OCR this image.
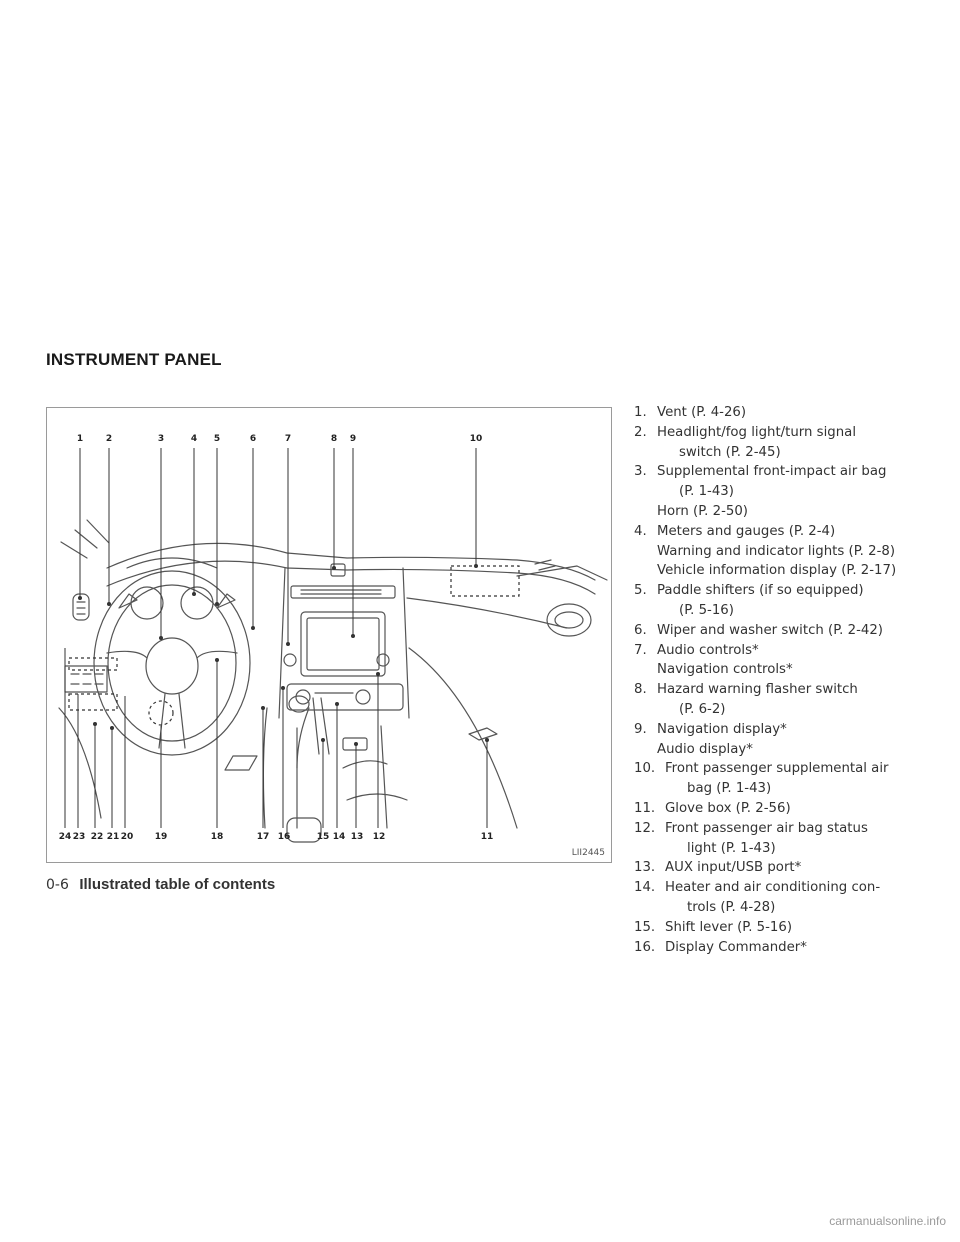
INSTRUMENT PANEL
1	2	3	4 5	6	7	8 9	10
24 23 22 21 20 19	18	17 16	15 14 13 12	11
LII2445
1. Vent (P. 4-26)
2. Headlight/fog light/turn signal
switch (P. 2-45)
3. Supplemental front-impact air bag
(P. 1-43)
Horn (P. 2-50)
4. Meters and gauges (P. 2-4)
Warning and indicator lights (P. 2-8)
Vehicle information display (P. 2-17)
5. Paddle shifters (if so equipped)
(P. 5-16)
6. Wiper and washer switch (P. 2-42)
7. Audio controls*
Navigation controls*
8. Hazard warning flasher switch
(P. 6-2)
9. Navigation display*
Audio display*
10. Front passenger supplemental air
bag (P. 1-43)
11. Glove box (P. 2-56)
12. Front passenger air bag status
light (P. 1-43)
13. AUX input/USB port*
14. Heater and air conditioning con-
trols (P. 4-28)
15. Shift lever (P. 5-16)
16. Display Commander*
0-6 Illustrated table of contents
carmanualsonline.info
